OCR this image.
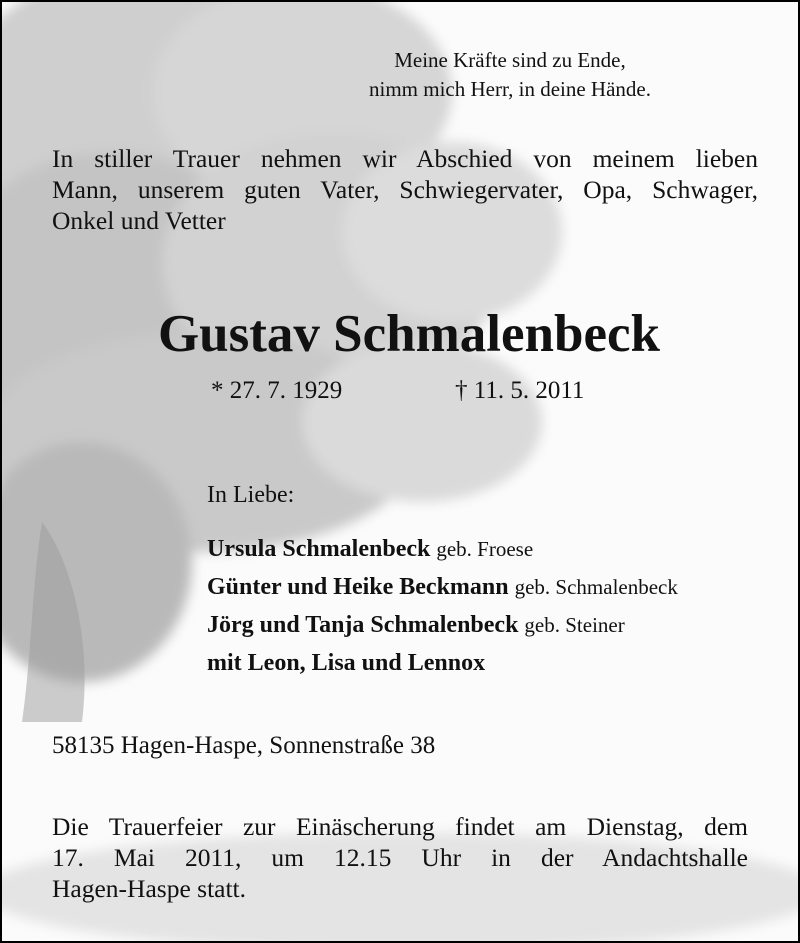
Meine Kräfte sind zu Ende,
nimm mich Herr, in deine Hände.
In stiller Trauer nehmen wir Abschied von meinem lieben
Mann, unserem guten Vater, Schwiegervater, Opa, Schwager,
Onkel und Vetter
Gustav Schmalenbeck
* 27. 7. 1929	† 11. 5. 2011
In Liebe:
Ursula Schmalenbeck geb. Froese
Günter und Heike Beckmann geb. Schmalenbeck
Jörg und Tanja Schmalenbeck geb. Steiner
mit Leon, Lisa und Lennox
58135 Hagen-Haspe, Sonnenstraße 38
Die Trauerfeier zur Einäscherung findet am Dienstag, dem
17. Mai 2011, um 12.15 Uhr in der Andachtshalle
Hagen-Haspe statt.
